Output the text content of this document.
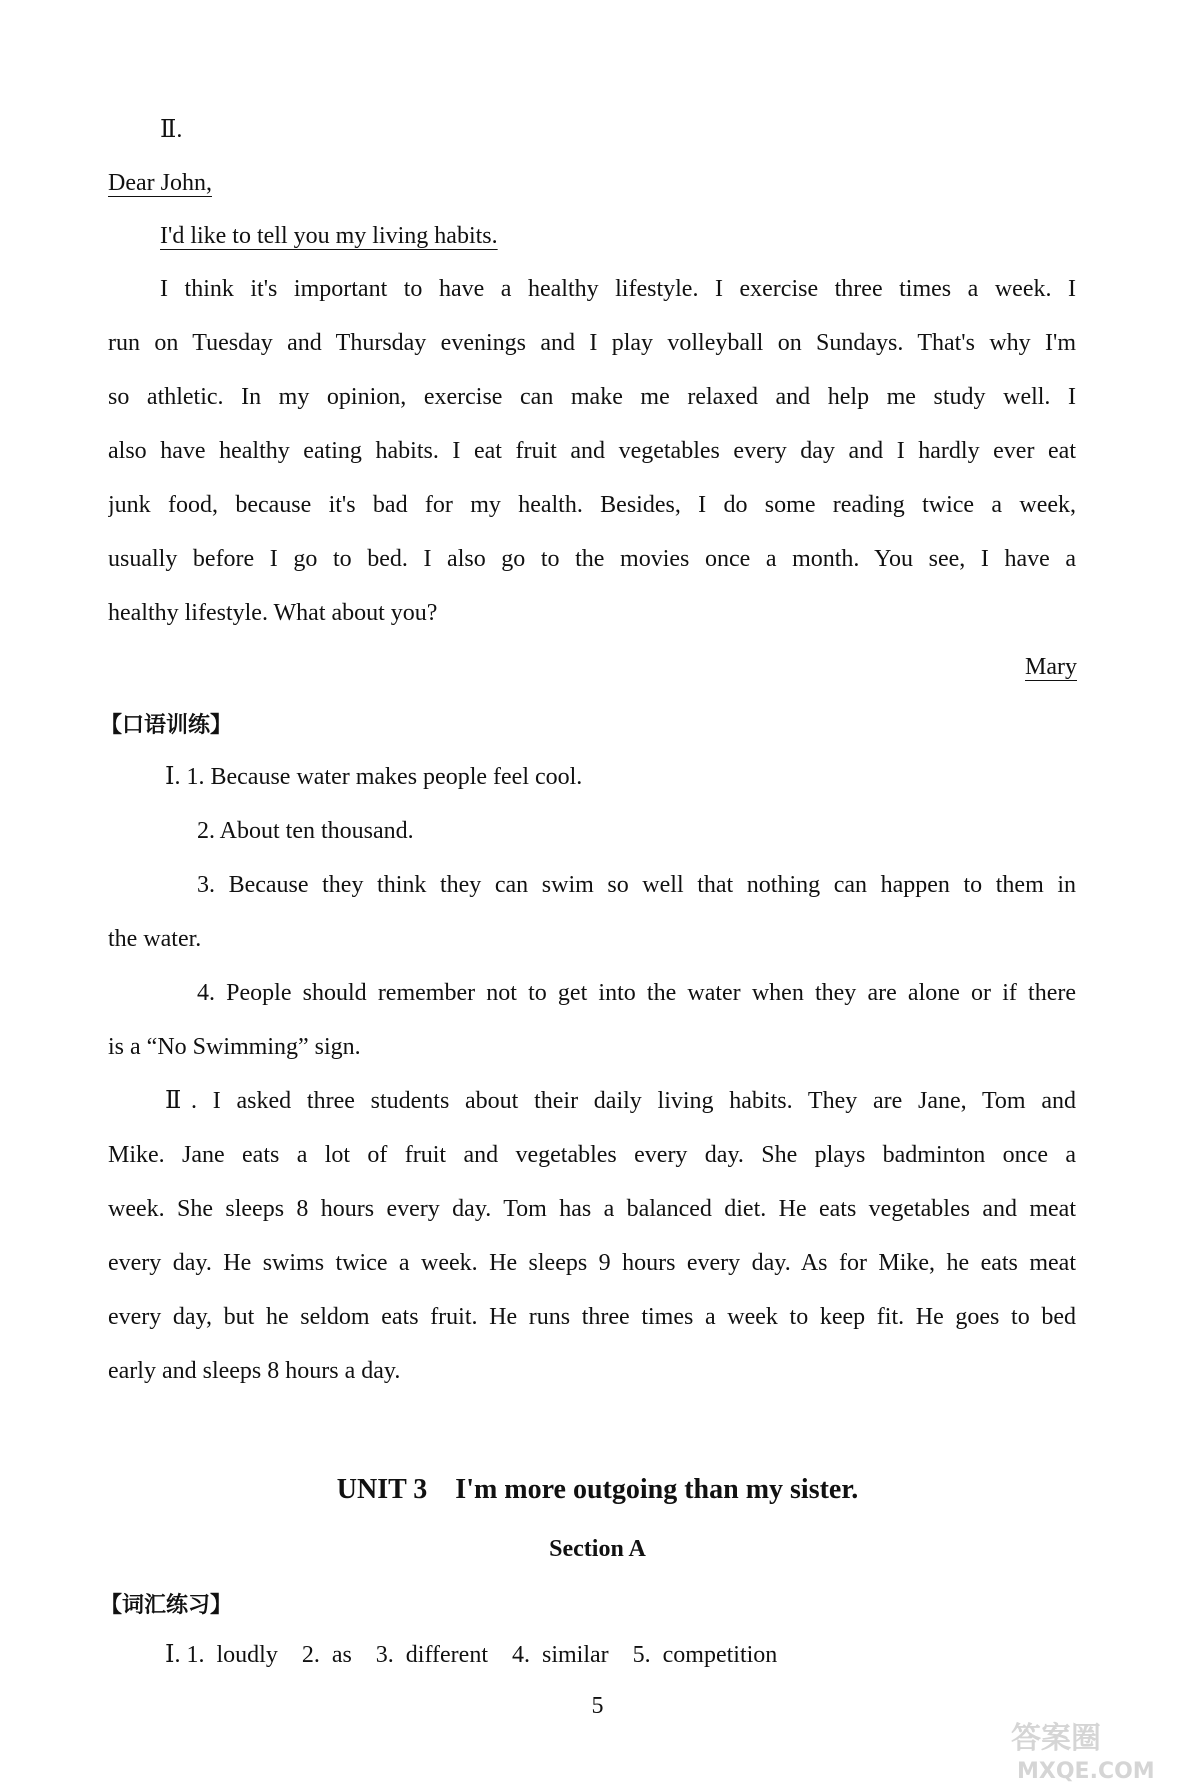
Ⅱ.
Dear John,
I'd like to tell you my living habits.
I think it's important to have a healthy lifestyle. I exercise three times a week. I
run on Tuesday and Thursday evenings and I play volleyball on Sundays. That's why I'm
so athletic. In my opinion, exercise can make me relaxed and help me study well. I
also have healthy eating habits. I eat fruit and vegetables every day and I hardly ever eat
junk food, because it's bad for my health. Besides, I do some reading twice a week,
usually before I go to bed. I also go to the movies once a month. You see, I have a
healthy lifestyle. What about you?
Mary
【口语训练】
Ⅰ. 1. Because water makes people feel cool.
2. About ten thousand.
3. Because they think they can swim so well that nothing can happen to them in
the water.
4. People should remember not to get into the water when they are alone or if there
is a “No Swimming” sign.
Ⅱ. I asked three students about their daily living habits. They are Jane, Tom and
Mike. Jane eats a lot of fruit and vegetables every day. She plays badminton once a
week. She sleeps 8 hours every day. Tom has a balanced diet. He eats vegetables and meat
every day. He swims twice a week. He sleeps 9 hours every day. As for Mike, he eats meat
every day, but he seldom eats fruit. He runs three times a week to keep fit. He goes to bed
early and sleeps 8 hours a day.
UNIT 3    I'm more outgoing than my sister.
Section A
【词汇练习】
Ⅰ. 1.  loudly    2.  as    3.  different    4.  similar    5.  competition
5
答案圈
MXQE.COM
